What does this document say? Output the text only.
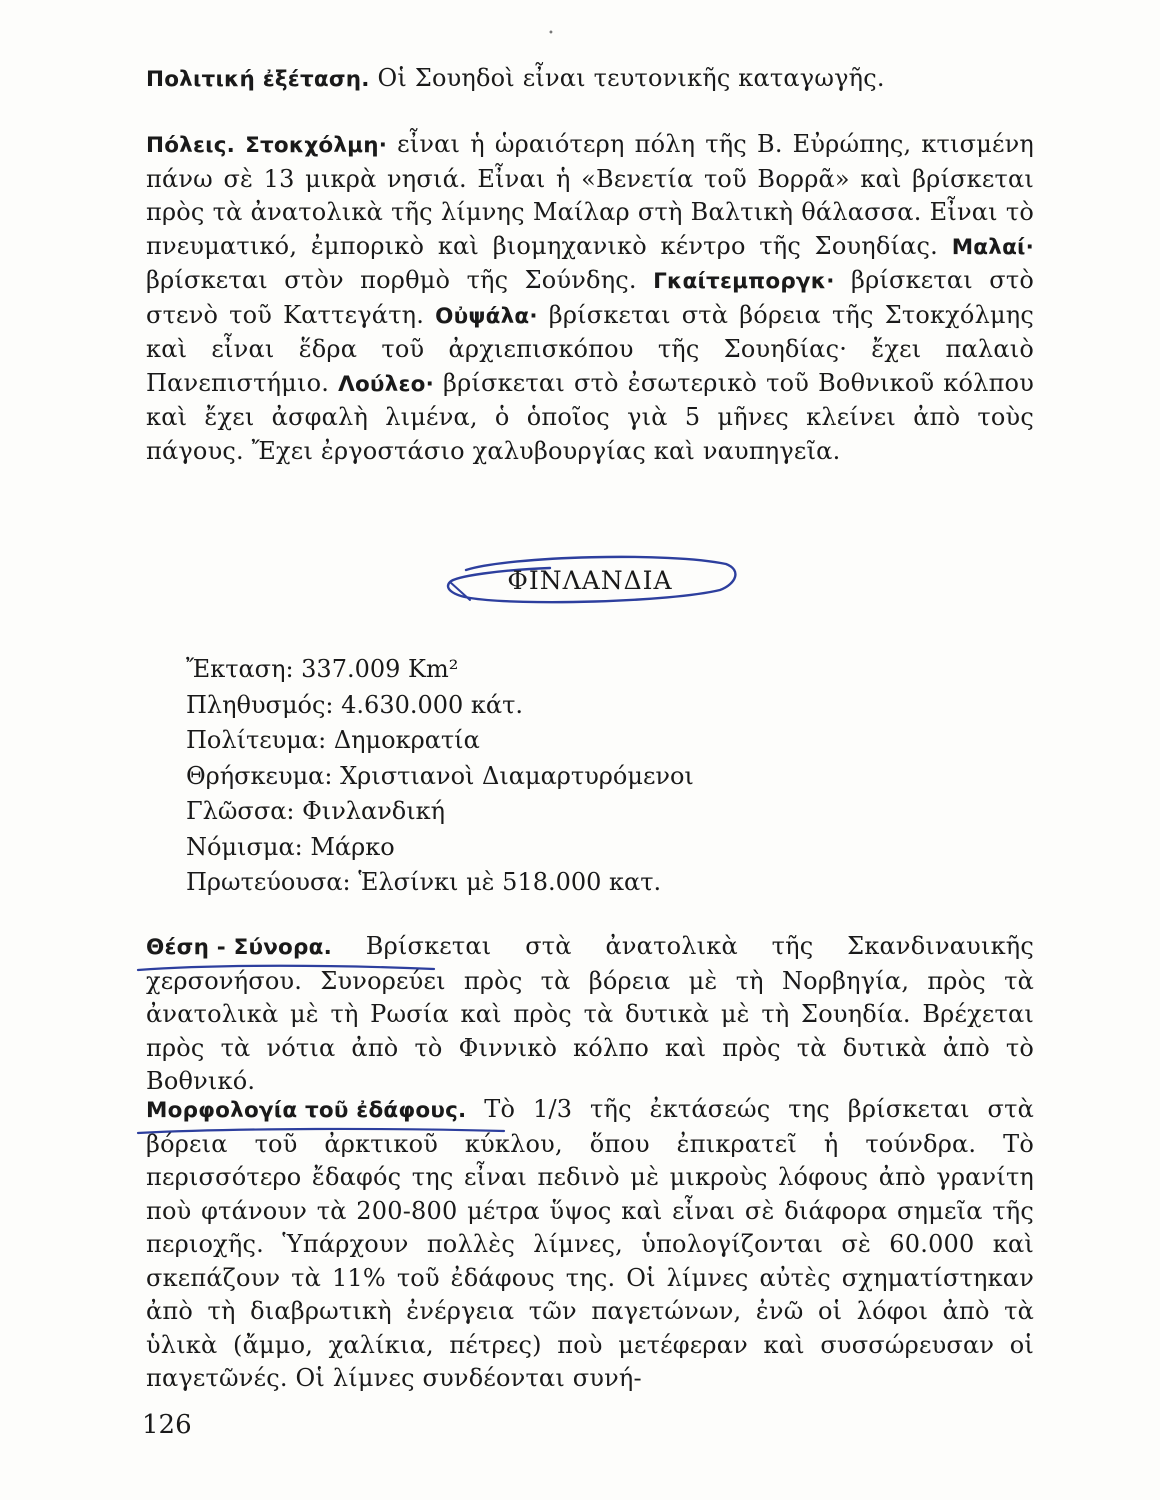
•
Πολιτική ἐξέταση. Οἱ Σουηδοὶ εἶναι τευτονικῆς καταγωγῆς.
Πόλεις. Στοκχόλμη· εἶναι ἡ ὡραιότερη πόλη τῆς Β. Εὐρώπης, κτισμένη πάνω σὲ 13 μικρὰ νησιά. Εἶναι ἡ «Βενετία τοῦ Βορρᾶ» καὶ βρίσκεται πρὸς τὰ ἀνατολικὰ τῆς λίμνης Μαίλαρ στὴ Βαλτικὴ θάλασσα. Εἶναι τὸ πνευματικό, ἐμπορικὸ καὶ βιομηχανικὸ κέντρο τῆς Σουηδίας. Μαλαί· βρίσκεται στὸν πορθμὸ τῆς Σούνδης. Γκαίτεμποργκ· βρίσκεται στὸ στενὸ τοῦ Καττεγάτη. Οὐψάλα· βρίσκεται στὰ βόρεια τῆς Στοκχόλμης καὶ εἶναι ἕδρα τοῦ ἀρχιεπισκόπου τῆς Σουηδίας· ἔχει παλαιὸ Πανεπιστήμιο. Λούλεο· βρίσκεται στὸ ἐσωτερικὸ τοῦ Βοθνικοῦ κόλπου καὶ ἔχει ἀσφαλὴ λιμένα, ὁ ὁποῖος γιὰ 5 μῆνες κλείνει ἀπὸ τοὺς πάγους. Ἔχει ἐργοστάσιο χαλυβουργίας καὶ ναυπηγεῖα.
ΦΙΝΛΑΝΔΙΑ
Ἔκταση: 337.009 Km²
Πληθυσμός: 4.630.000 κάτ.
Πολίτευμα: Δημοκρατία
Θρήσκευμα: Χριστιανοὶ Διαμαρτυρόμενοι
Γλῶσσα: Φινλανδική
Νόμισμα: Μάρκο
Πρωτεύουσα: Ἑλσίνκι μὲ 518.000 κατ.
Θέση - Σύνορα.
Βρίσκεται στὰ ἀνατολικὰ τῆς Σκανδιναυικῆς χερσονήσου. Συνορεύει πρὸς τὰ βόρεια μὲ τὴ Νορβηγία, πρὸς τὰ ἀνατολικὰ μὲ τὴ Ρωσία καὶ πρὸς τὰ δυτικὰ μὲ τὴ Σουηδία. Βρέχεται πρὸς τὰ νότια ἀπὸ τὸ Φιννικὸ κόλπο καὶ πρὸς τὰ δυτικὰ ἀπὸ τὸ Βοθνικό.
Μορφολογία τοῦ ἐδάφους.
Τὸ 1/3 τῆς ἐκτάσεώς της βρίσκεται στὰ βόρεια τοῦ ἀρκτικοῦ κύκλου, ὅπου ἐπικρατεῖ ἡ τούνδρα. Τὸ περισσότερο ἔδαφός της εἶναι πεδινὸ μὲ μικροὺς λόφους ἀπὸ γρανίτη ποὺ φτάνουν τὰ 200-800 μέτρα ὕψος καὶ εἶναι σὲ διάφορα σημεῖα τῆς περιοχῆς. Ὑπάρχουν πολλὲς λίμνες, ὑπολογίζονται σὲ 60.000 καὶ σκεπάζουν τὰ 11% τοῦ ἐδάφους της. Οἱ λίμνες αὐτὲς σχηματίστηκαν ἀπὸ τὴ διαβρωτικὴ ἐνέργεια τῶν παγετώνων, ἐνῶ οἱ λόφοι ἀπὸ τὰ ὑλικὰ (ἄμμο, χαλίκια, πέτρες) ποὺ μετέφεραν καὶ συσσώρευσαν οἱ παγετῶνές. Οἱ λίμνες συνδέονται συνή-
126
